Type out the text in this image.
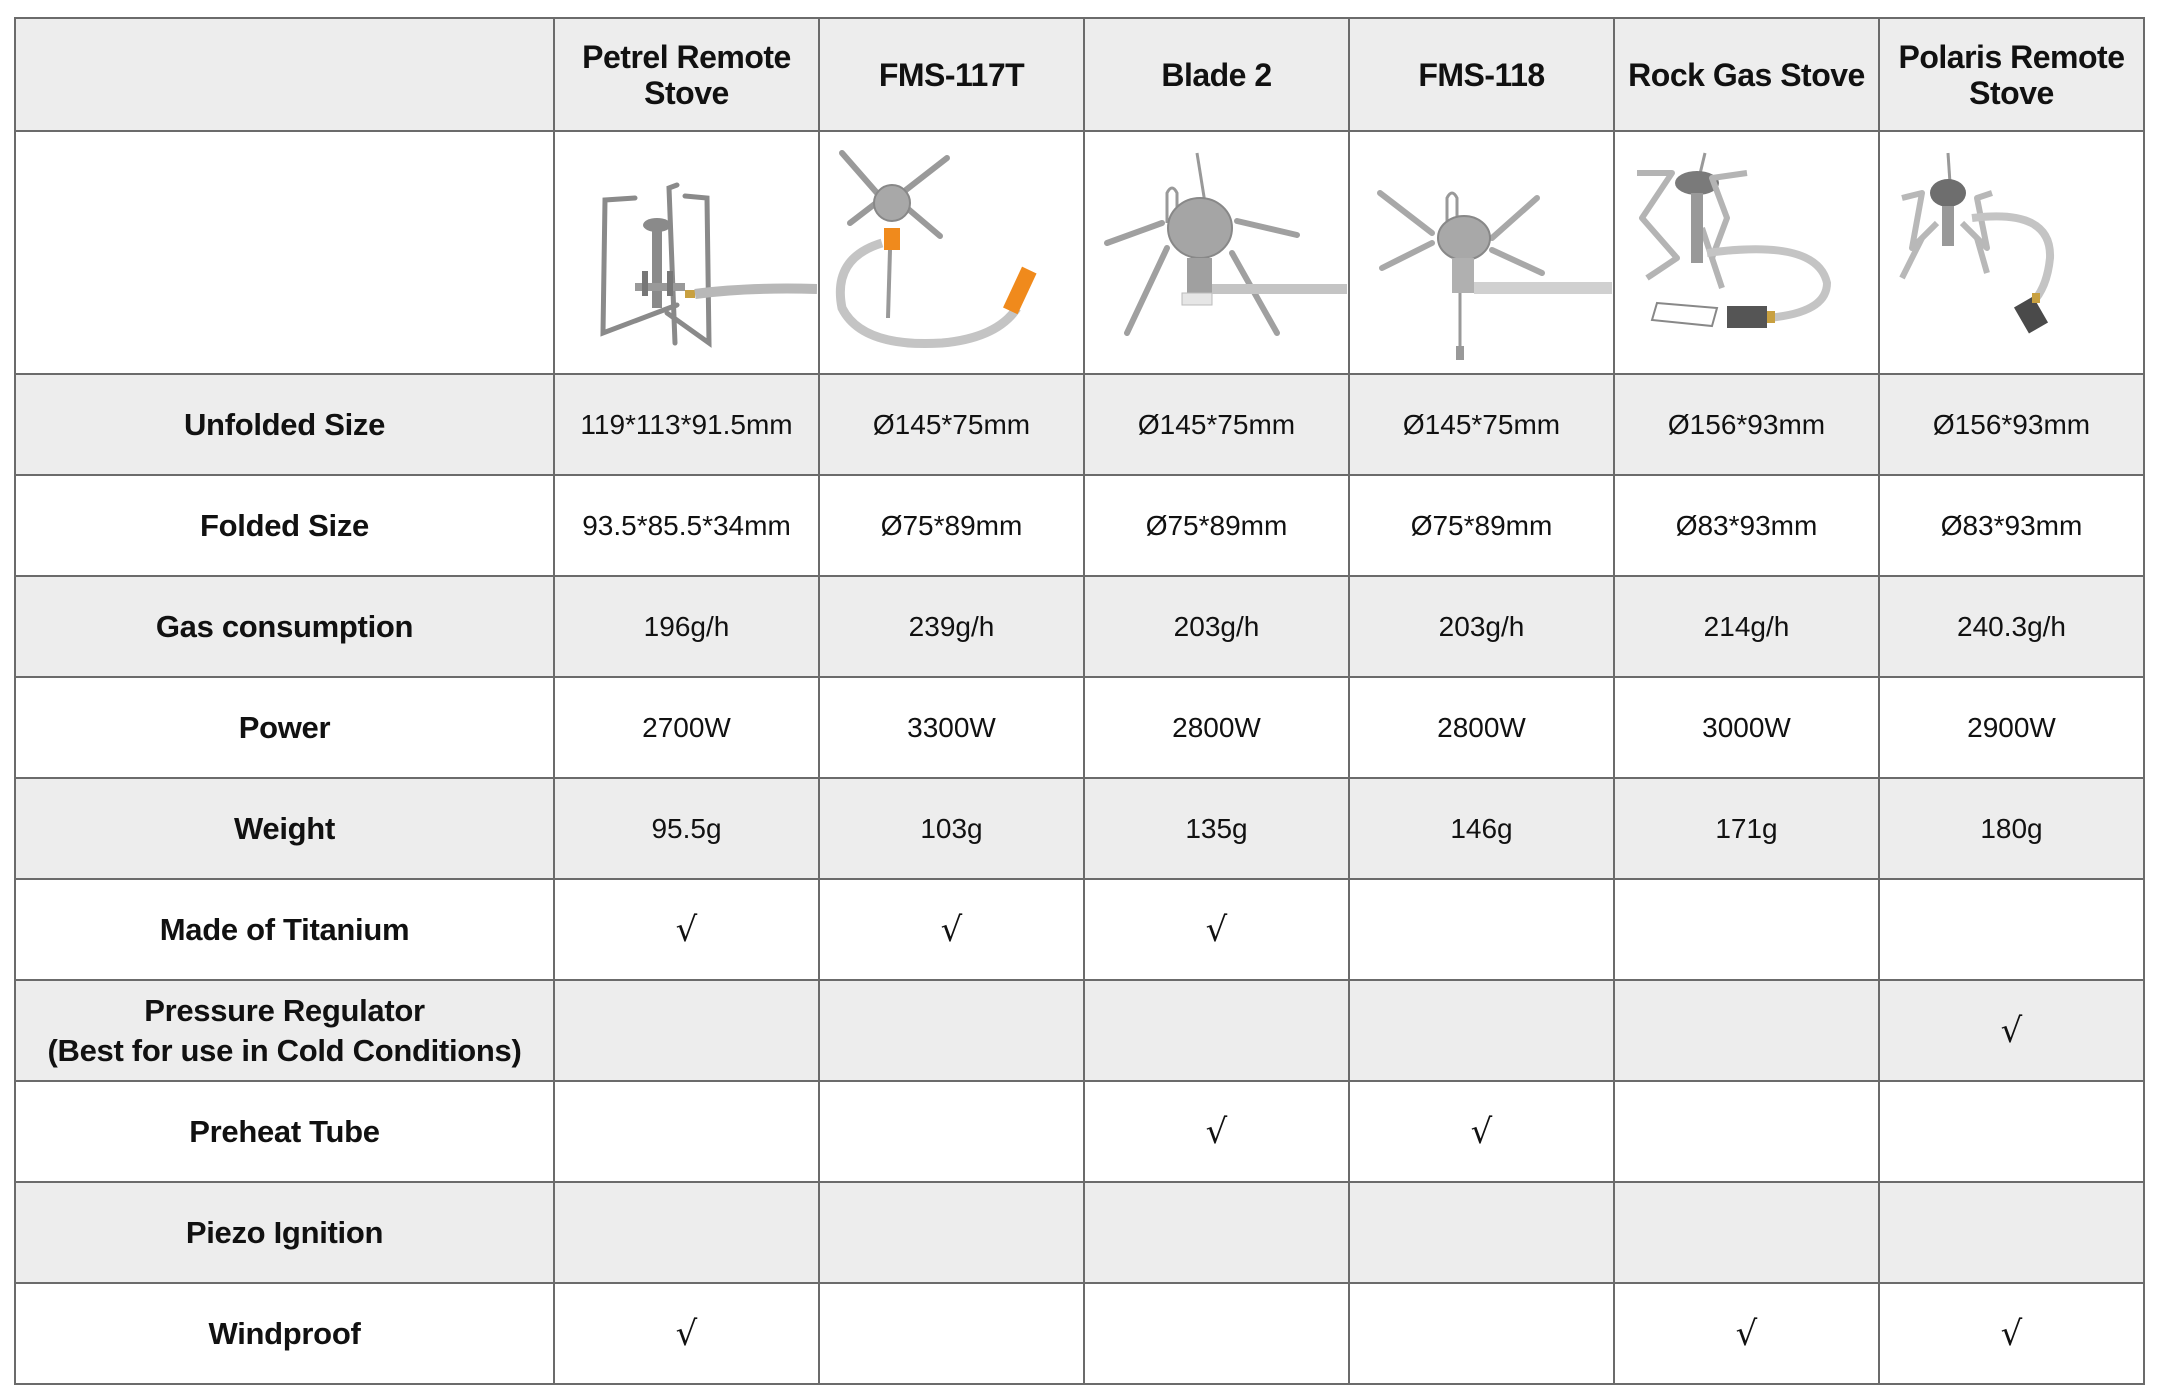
	Petrel Remote Stove	FMS-117T	Blade 2	FMS-118	Rock Gas Stove	Polaris Remote Stove

Unfolded Size	119*113*91.5mm	Ø145*75mm	Ø145*75mm	Ø145*75mm	Ø156*93mm	Ø156*93mm
Folded Size	93.5*85.5*34mm	Ø75*89mm	Ø75*89mm	Ø75*89mm	Ø83*93mm	Ø83*93mm
Gas consumption	196g/h	239g/h	203g/h	203g/h	214g/h	240.3g/h
Power	2700W	3300W	2800W	2800W	3000W	2900W
Weight	95.5g	103g	135g	146g	171g	180g
Made of Titanium	√	√	√			

Pressure Regulator
(Best for use in Cold Conditions)						√
Preheat Tube			√	√		
Piezo Ignition						
Windproof	√				√	√
